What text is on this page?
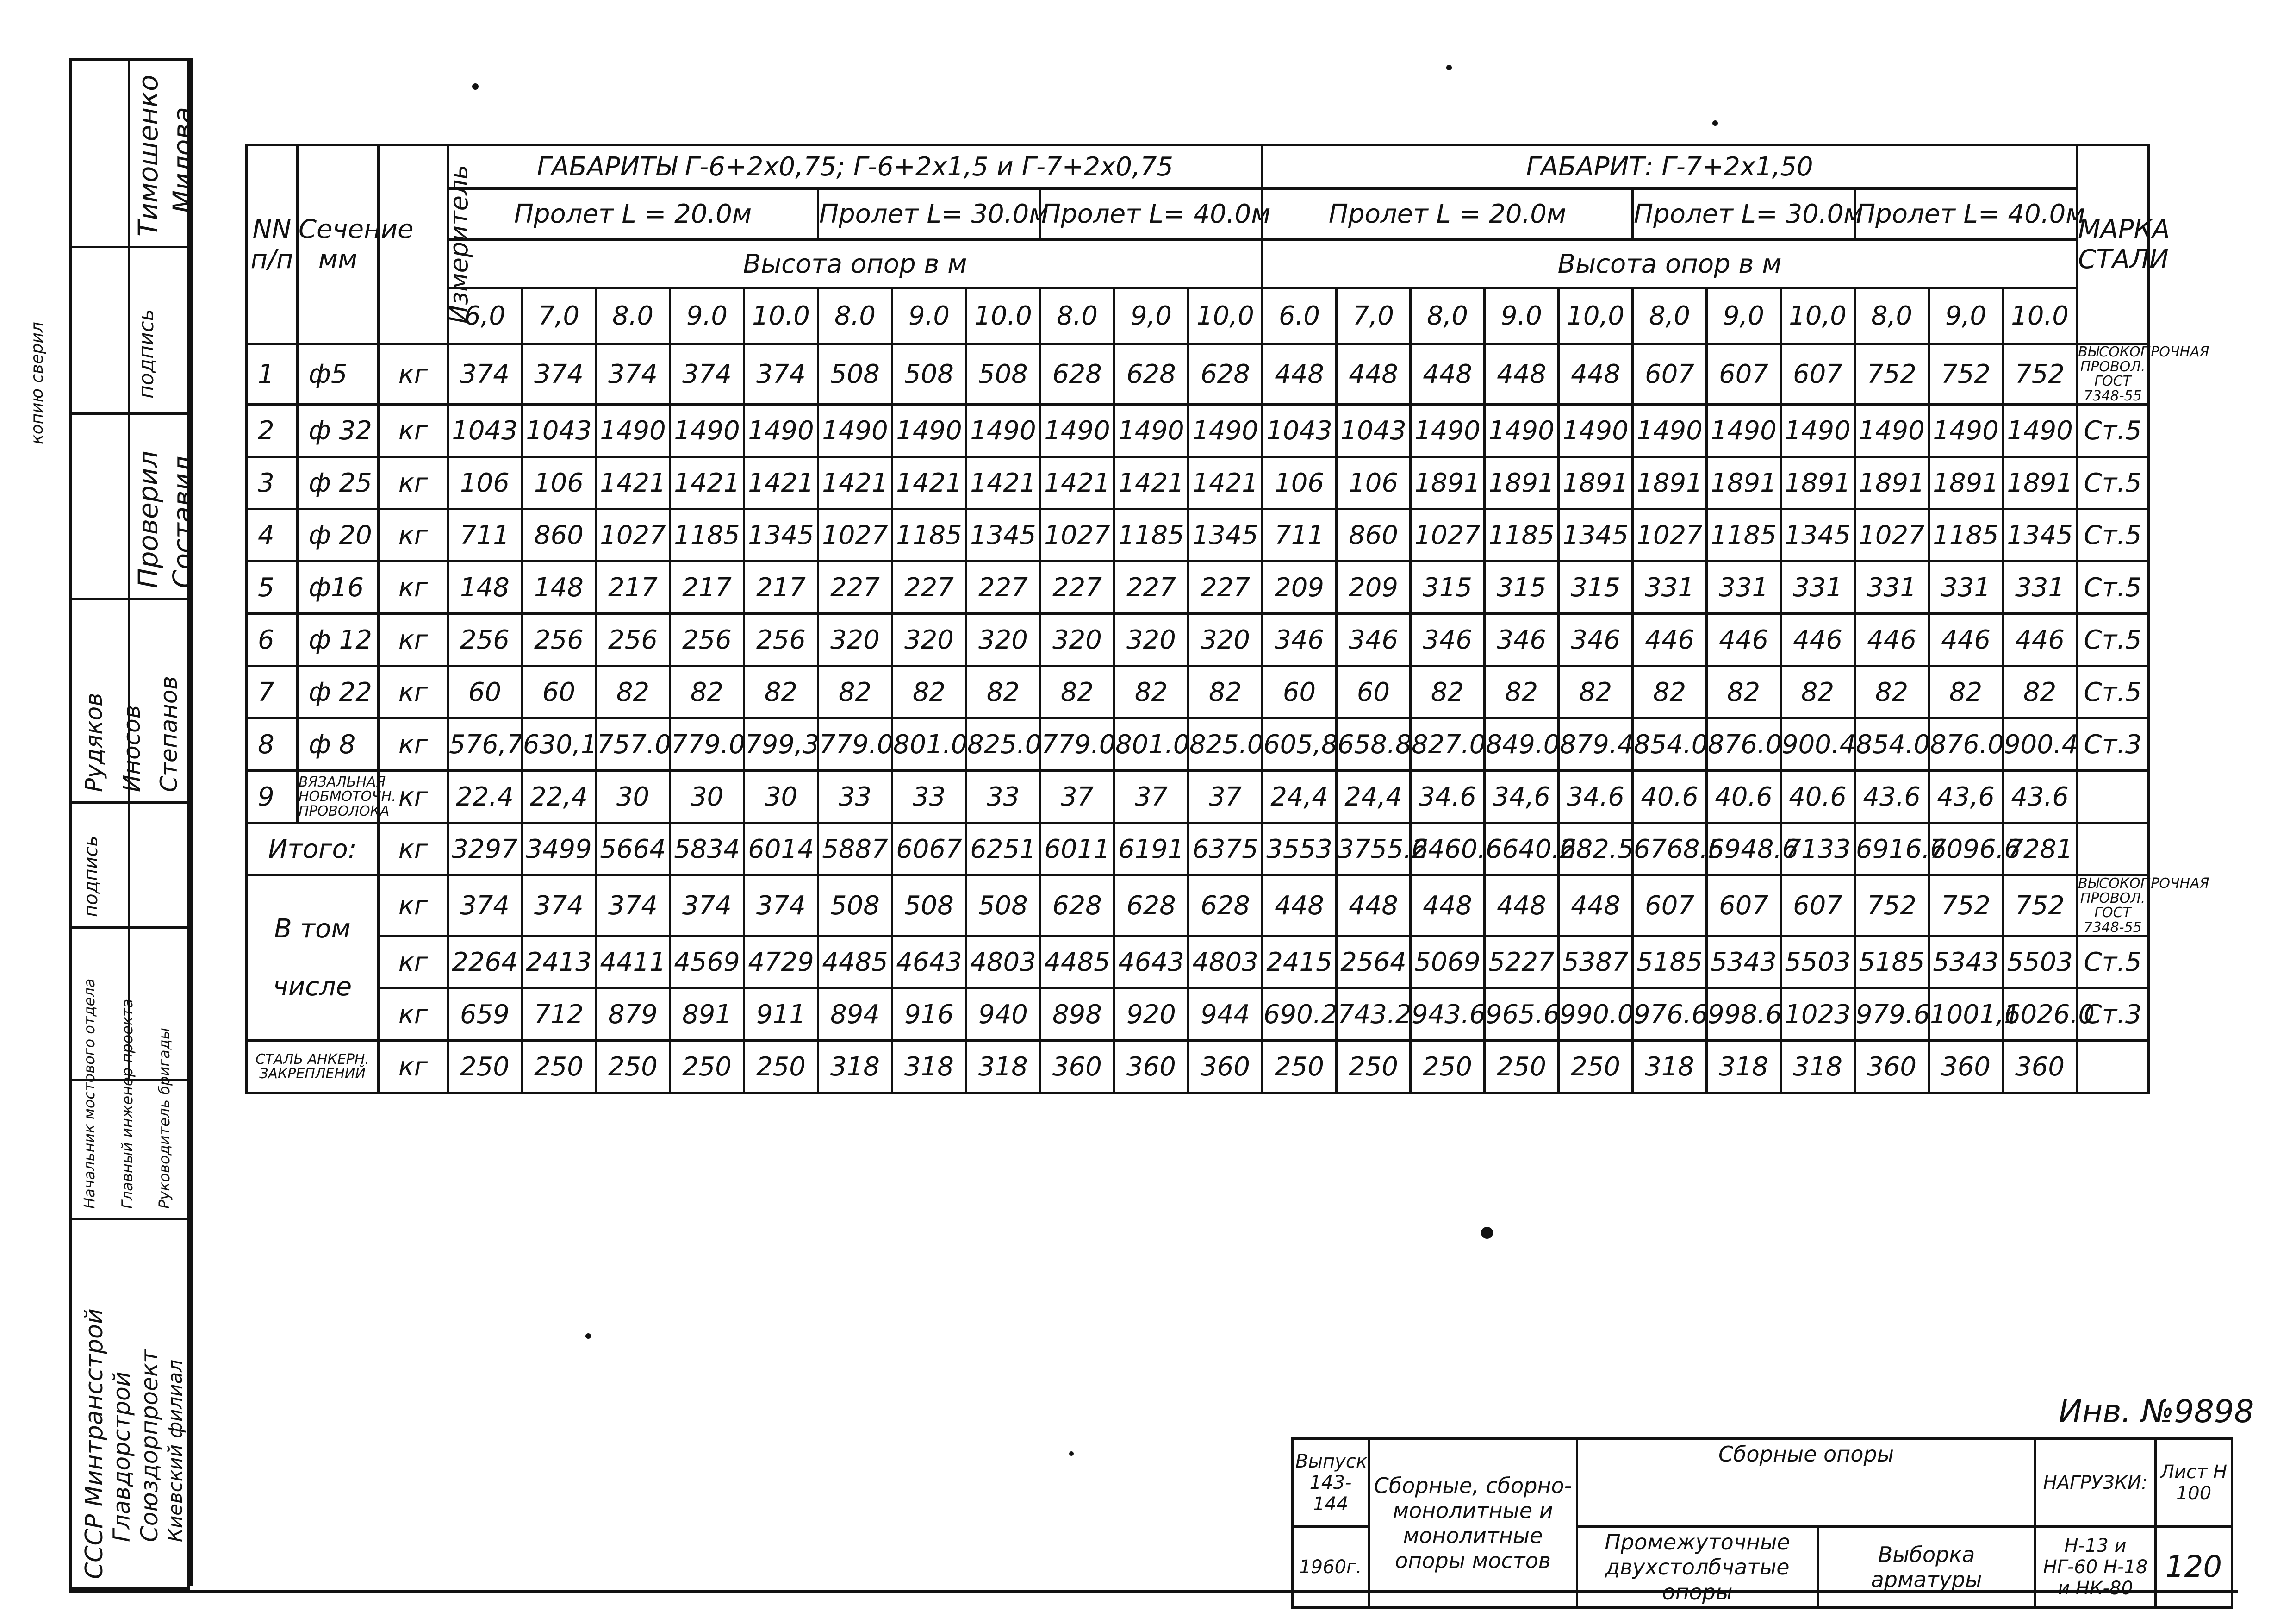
Тимошенко Милова
подпись
Проверил Составил
Рудяков Иносов Степанов
подпись
Начальник мостового отдела Главный инженер проекта Руководитель бригады
СССР Минтрансстрой Главдорстрой Союздорпроект Киевский филиал
копию сверил
NN п/п	Сечение мм	Измеритель	ГАБАРИТЫ Г-6+2х0,75; Г-6+2х1,5 и Г-7+2х0,75											ГАБАРИТ: Г-7+2х1,50											МАРКА СТАЛИ
			Пролет L = 20.0м					Пролет L= 30.0м			Пролет L= 40.0м			Пролет L = 20.0м					Пролет L= 30.0м			Пролет L= 40.0м			
			Высота опор в м											Высота опор в м											
			6,0	7,0	8.0	9.0	10.0	8.0	9.0	10.0	8.0	9,0	10,0	6.0	7,0	8,0	9.0	10,0	8,0	9,0	10,0	8,0	9,0	10.0	
1	ф5	кг	374	374	374	374	374	508	508	508	628	628	628	448	448	448	448	448	607	607	607	752	752	752	ВЫСОКОПРОЧНАЯ ПРОВОЛ. ГОСТ 7348-55
2	ф 32	кг	1043	1043	1490	1490	1490	1490	1490	1490	1490	1490	1490	1043	1043	1490	1490	1490	1490	1490	1490	1490	1490	1490	Ст.5
3	ф 25	кг	106	106	1421	1421	1421	1421	1421	1421	1421	1421	1421	106	106	1891	1891	1891	1891	1891	1891	1891	1891	1891	Ст.5
4	ф 20	кг	711	860	1027	1185	1345	1027	1185	1345	1027	1185	1345	711	860	1027	1185	1345	1027	1185	1345	1027	1185	1345	Ст.5
5	ф16	кг	148	148	217	217	217	227	227	227	227	227	227	209	209	315	315	315	331	331	331	331	331	331	Ст.5
6	ф 12	кг	256	256	256	256	256	320	320	320	320	320	320	346	346	346	346	346	446	446	446	446	446	446	Ст.5
7	ф 22	кг	60	60	82	82	82	82	82	82	82	82	82	60	60	82	82	82	82	82	82	82	82	82	Ст.5
8	ф 8	кг	576,7	630,1	757.0	779.0	799,3	779.0	801.0	825.0	779.0	801.0	825.0	605,8	658.8	827.0	849.0	879.4	854.0	876.0	900.4	854.0	876.0	900.4	Ст.3
9	ВЯЗАЛЬНАЯ НОБМОТОЧН. ПРОВОЛОКА	кг	22.4	22,4	30	30	30	33	33	33	37	37	37	24,4	24,4	34.6	34,6	34.6	40.6	40.6	40.6	43.6	43,6	43.6	
Итого:		кг	3297	3499	5664	5834	6014	5887	6067	6251	6011	6191	6375	3553	3755.2	6460.6	6640.2	682.5	6768.5	6948.6	7133	6916.6	7096.6	7281	

В том
числе		кг	374	374	374	374	374	508	508	508	628	628	628	448	448	448	448	448	607	607	607	752	752	752	ВЫСОКОПРОЧНАЯ ПРОВОЛ. ГОСТ 7348-55
		кг	2264	2413	4411	4569	4729	4485	4643	4803	4485	4643	4803	2415	2564	5069	5227	5387	5185	5343	5503	5185	5343	5503	Ст.5
		кг	659	712	879	891	911	894	916	940	898	920	944	690.2	743.2	943.6	965.6	990.0	976.6	998.6	1023	979.6	1001,6	1026.0	Ст.3
СТАЛЬ АНКЕРН. ЗАКРЕПЛЕНИЙ		кг	250	250	250	250	250	318	318	318	360	360	360	250	250	250	250	250	318	318	318	360	360	360	
Инв. №9898
Выпуск 143-144	Сборные, сборно-монолитные и монолитные опоры мостов	Сборные опоры		НАГРУЗКИ:	Лист Н 100
1960г.		Промежуточные двухстолбчатые опоры	Выборка арматуры	Н-13 и НГ-60 Н-18 и НК-80	120
